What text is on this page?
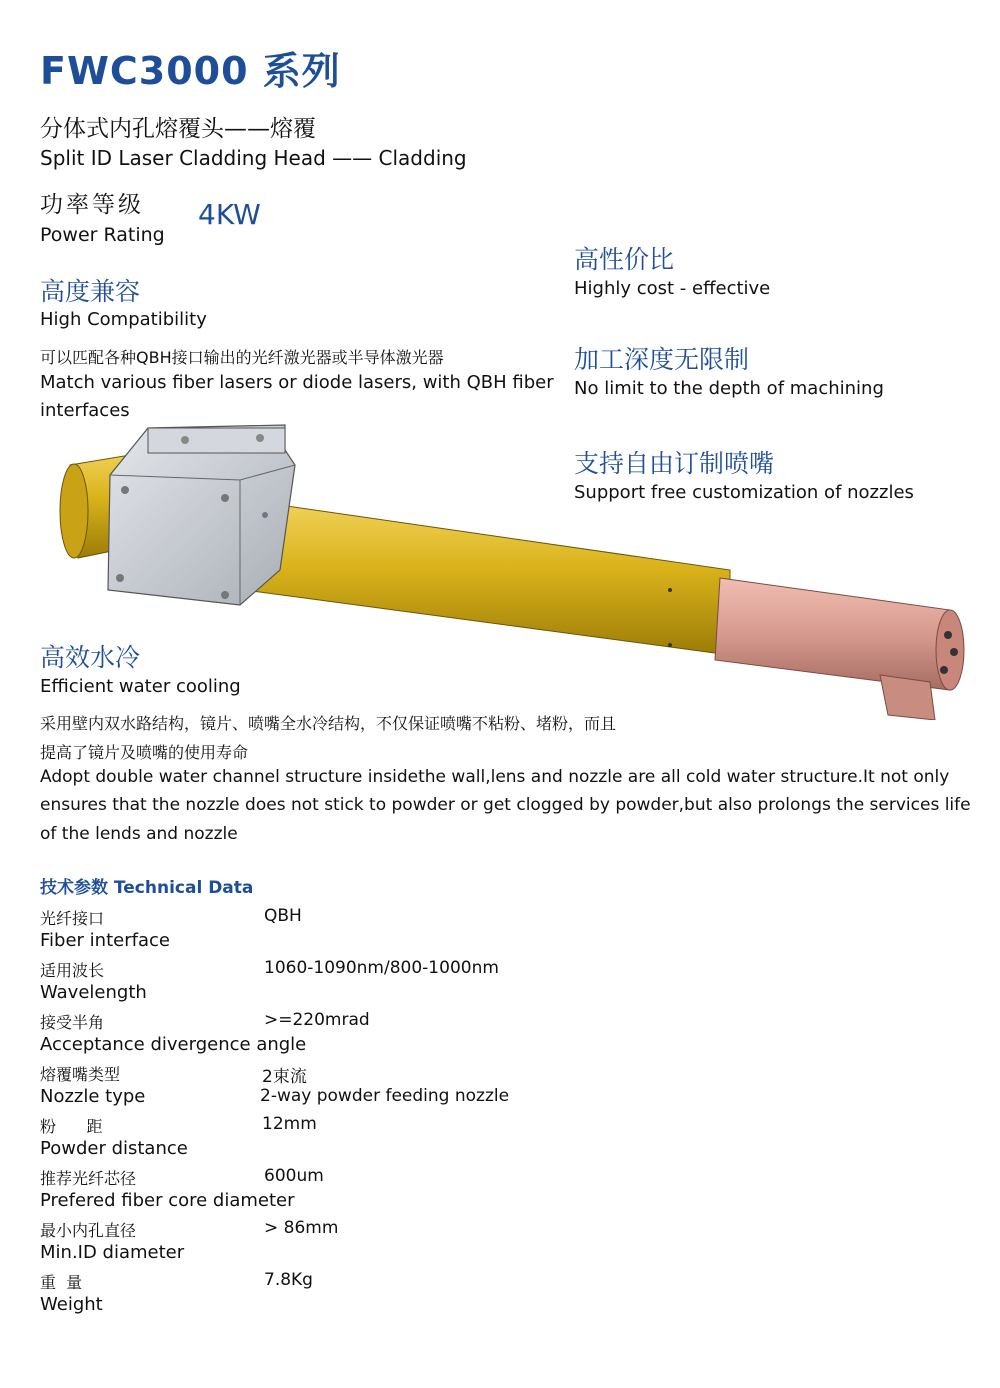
FWC3000 系列
分体式内孔熔覆头——熔覆
Split ID Laser Cladding Head —— Cladding
功率等级
Power Rating
4KW
高度兼容
High Compatibility
可以匹配各种QBH接口输出的光纤激光器或半导体激光器
Match various fiber lasers or diode lasers, with QBH fiber
interfaces
高性价比
Highly cost - effective
加工深度无限制
No limit to the depth of machining
支持自由订制喷嘴
Support free customization of nozzles
高效水冷
Efficient water cooling
采用壁内双水路结构，镜片、喷嘴全水冷结构，不仅保证喷嘴不粘粉、堵粉，而且
提高了镜片及喷嘴的使用寿命
Adopt double water channel structure insidethe wall,lens and nozzle are all cold water structure.It not only
ensures that the nozzle does not stick to powder or get clogged by powder,but also prolongs the services life
of the lends and nozzle
技术参数 Technical Data
光纤接口
Fiber interface
QBH
适用波长
Wavelength
1060-1090nm/800-1000nm
接受半角
Acceptance divergence angle
>=220mrad
熔覆嘴类型
Nozzle type
2束流
2-way powder feeding nozzle
粉      距
Powder distance
12mm
推荐光纤芯径
Prefered fiber core diameter
600um
最小内孔直径
Min.ID diameter
> 86mm
重  量
Weight
7.8Kg
